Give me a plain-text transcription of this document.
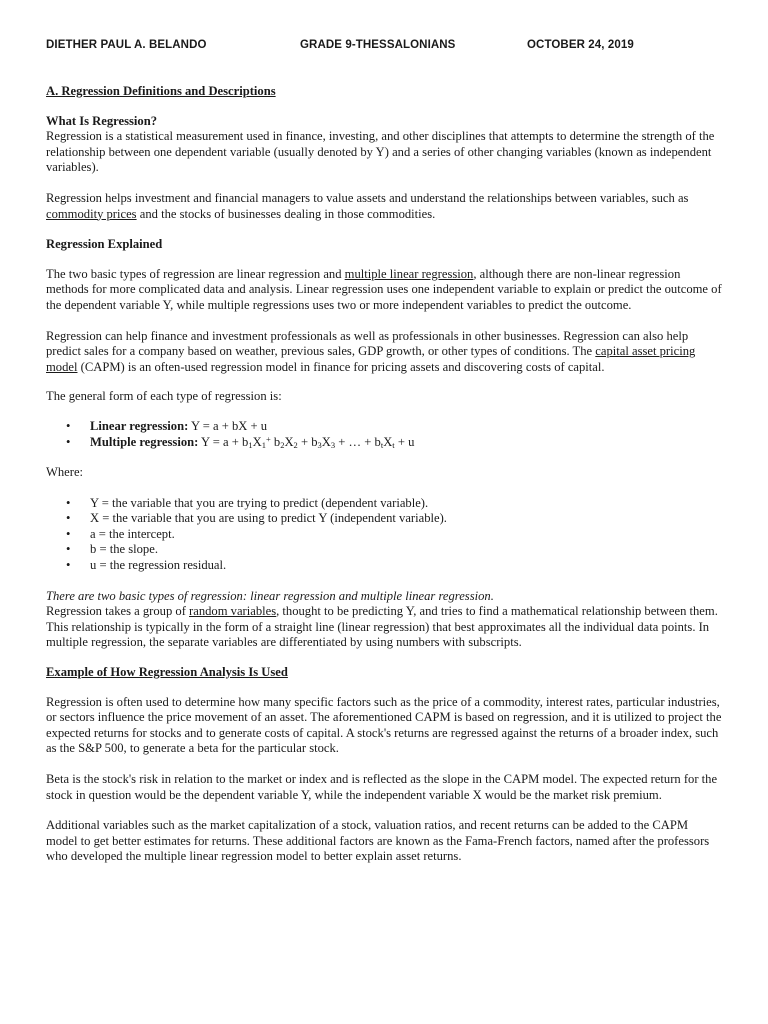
DIETHER PAUL A. BELANDO	GRADE 9-THESSALONIANS	OCTOBER 24, 2019

A. Regression Definitions and Descriptions

What Is Regression?

Regression is a statistical measurement used in finance, investing, and other disciplines that attempts to determine the strength of the relationship between one dependent variable (usually denoted by Y) and a series of other changing variables (known as independent variables).

Regression helps investment and financial managers to value assets and understand the relationships between variables, such as commodity prices and the stocks of businesses dealing in those commodities.

Regression Explained

The two basic types of regression are linear regression and multiple linear regression, although there are non-linear regression methods for more complicated data and analysis. Linear regression uses one independent variable to explain or predict the outcome of the dependent variable Y, while multiple regressions uses two or more independent variables to predict the outcome.

Regression can help finance and investment professionals as well as professionals in other businesses. Regression can also help predict sales for a company based on weather, previous sales, GDP growth, or other types of conditions. The capital asset pricing model (CAPM) is an often-used regression model in finance for pricing assets and discovering costs of capital.

The general form of each type of regression is:

• Linear regression: Y = a + bX + u
• Multiple regression: $Y = a + b_1X_1^+$ $b_2X_2 + b_3X_3$ + … + $b_tX_t + u$

Where:

• Y = the variable that you are trying to predict (dependent variable).
• X = the variable that you are using to predict Y (independent variable).
• a = the intercept.
• b = the slope.
• u = the regression residual.

There are two basic types of regression: linear regression and multiple linear regression.

Regression takes a group of random variables, thought to be predicting Y, and tries to find a mathematical relationship between them. This relationship is typically in the form of a straight line (linear regression) that best approximates all the individual data points. In multiple regression, the separate variables are differentiated by using numbers with subscripts.

Example of How Regression Analysis Is Used

Regression is often used to determine how many specific factors such as the price of a commodity, interest rates, particular industries, or sectors influence the price movement of an asset. The aforementioned CAPM is based on regression, and it is utilized to project the expected returns for stocks and to generate costs of capital. A stock's returns are regressed against the returns of a broader index, such as the S&P 500, to generate a beta for the particular stock.

Beta is the stock's risk in relation to the market or index and is reflected as the slope in the CAPM model. The expected return for the stock in question would be the dependent variable Y, while the independent variable X would be the market risk premium.

Additional variables such as the market capitalization of a stock, valuation ratios, and recent returns can be added to the CAPM model to get better estimates for returns. These additional factors are known as the Fama-French factors, named after the professors who developed the multiple linear regression model to better explain asset returns.
